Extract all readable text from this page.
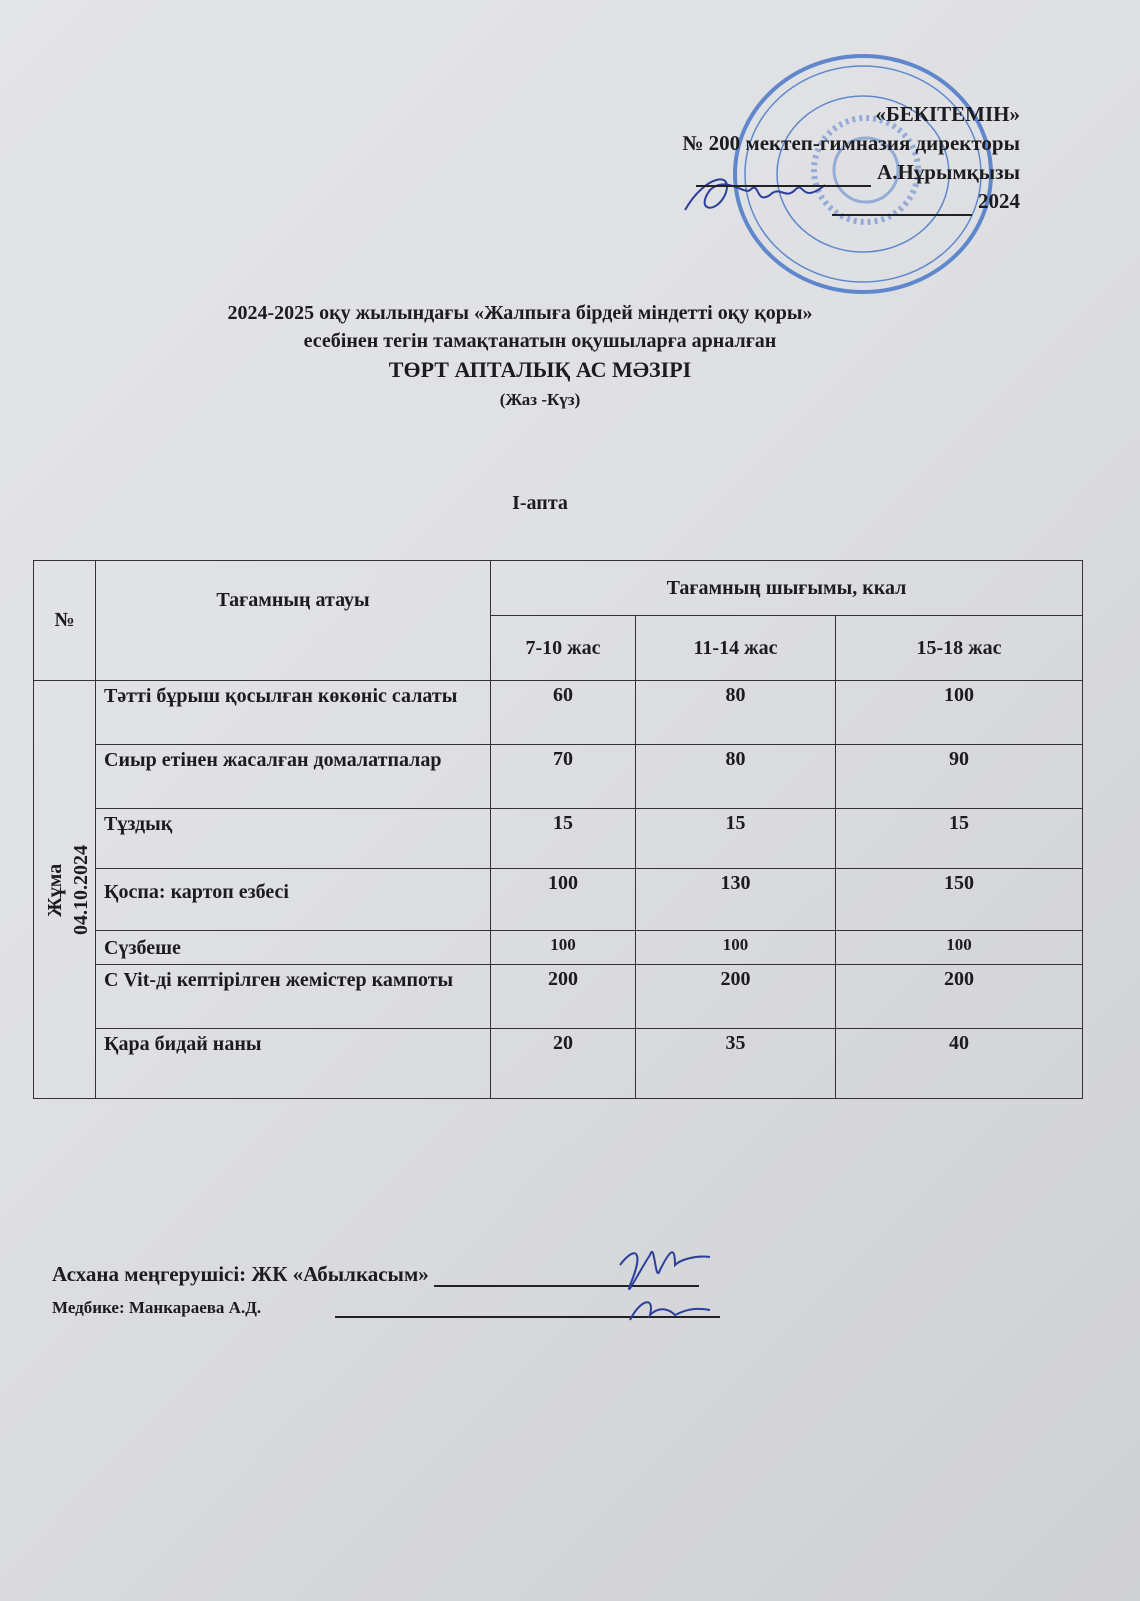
«БЕКІТЕМІН»
№ 200 мектеп-гимназия директоры
А.Нұрымқызы
2024
2024-2025 оқу жылындағы «Жалпыға бірдей міндетті оқу қоры»
есебінен тегін тамақтанатын оқушыларға арналған
ТӨРТ АПТАЛЫҚ АС МӘЗІРІ
(Жаз -Күз)
I-апта
№	Тағамның атауы	Тағамның шығымы, ккал		
		7-10 жас	11-14 жас	15-18 жас

Жұма 04.10.2024	Тәтті бұрыш қосылған көкөніс салаты	60	80	100
	Сиыр етінен жасалған домалатпалар	70	80	90
	Тұздық	15	15	15
	Қоспа: картоп езбесі	100	130	150
	Сүзбеше	100	100	100
	С Vit-ді кептірілген жемістер кампоты	200	200	200
	Қара бидай наны	20	35	40
Асхана меңгерушісі: ЖК «Абылкасым»
Медбике: Манкараева А.Д.
